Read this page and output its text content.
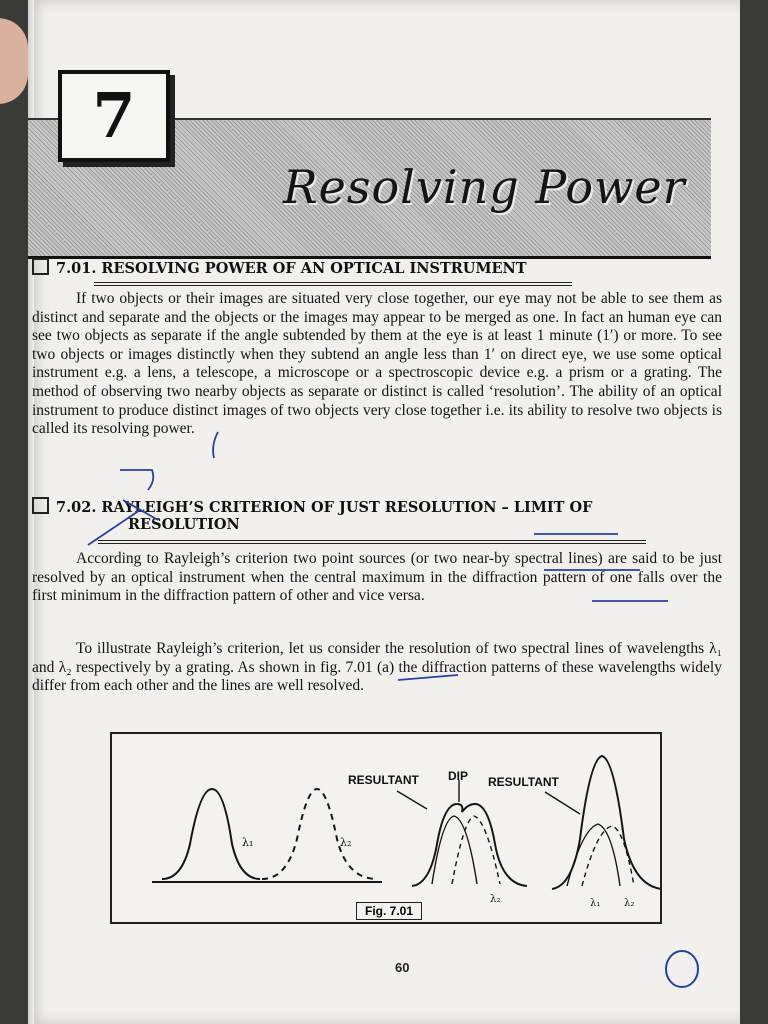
7
Resolving Power
7.01. RESOLVING POWER OF AN OPTICAL INSTRUMENT

If two objects or their images are situated very close together, our eye may not be able to see them as distinct and separate and the objects or the images may appear to be merged as one. In fact an human eye can see two objects as separate if the angle subtended by them at the eye is at least 1 minute (1′) or more. To see two objects or images distinctly when they subtend an angle less than 1′ on direct eye, we use some optical instrument e.g. a lens, a telescope, a microscope or a spectroscopic device e.g. a prism or a grating. The method of observing two nearby objects as separate or distinct is called ‘resolution’. The ability of an optical instrument to produce distinct images of two objects very close together i.e. its ability to resolve two objects is called its resolving power.

7.02. RAYLEIGH’S CRITERION OF JUST RESOLUTION – LIMIT OF
RESOLUTION

According to Rayleigh’s criterion two point sources (or two near-by spectral lines) are said to be just resolved by an optical instrument when the central maximum in the diffraction pattern of one falls over the first minimum in the diffraction pattern of other and vice versa.

To illustrate Rayleigh’s criterion, let us consider the resolution of two spectral lines of wavelengths λ₁ and λ₂ respectively by a grating. As shown in fig. 7.01 (a) the diffraction patterns of these wavelengths widely differ from each other and the lines are well resolved.

RESULTANT DIP RESULTANT
λ₁	λ₂
λ₂	λ₁ λ₂
Fig. 7.01
60
